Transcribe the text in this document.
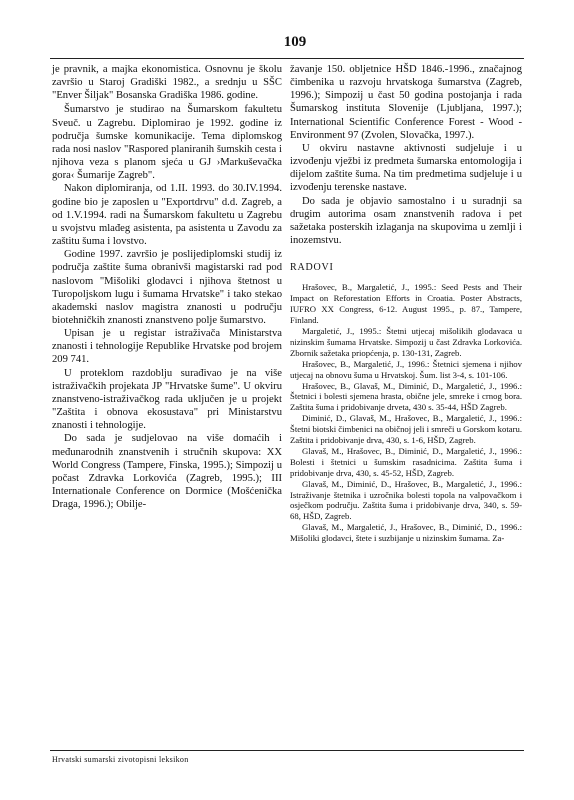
109

je pravnik, a majka ekonomistica. Osnovnu je školu završio u Staroj Gradiški 1982., a srednju u SŠC "Enver Šiljak" Bosanska Gradiška 1986. godine.

Šumarstvo je studirao na Šumarskom fakultetu Sveuč. u Zagrebu. Diplomirao je 1992. godine iz područja šumske komunikacije. Tema diplomskog rada nosi naslov "Raspored planiranih šumskih cesta i njihova veza s planom sjeća u GJ ›Markuševačka gora‹ Šumarije Zagreb".

Nakon diplomiranja, od 1.II. 1993. do 30.IV.1994. godine bio je zaposlen u "Exportdrvu" d.d. Zagreb, a od 1.V.1994. radi na Šumarskom fakultetu u Zagrebu u svojstvu mlađeg asistenta, pa asistenta u Zavodu za zaštitu šuma i lovstvo.

Godine 1997. završio je poslijediplomski studij iz područja zaštite šuma obranivši magistarski rad pod naslovom "Mišoliki glodavci i njihova štetnost u Turopoljskom lugu i šumama Hrvatske" i tako stekao akademski naslov magistra znanosti u području biotehničkih znanosti znanstveno polje šumarstvo.

Upisan je u registar istraživača Ministarstva znanosti i tehnologije Republike Hrvatske pod brojem 209 741.

U proteklom razdoblju surađivao je na više istraživačkih projekata JP "Hrvatske šume". U okviru znanstveno-istraživačkog rada uključen je u projekt "Zaštita i obnova ekosustava" pri Ministarstvu znanosti i tehnologije.

Do sada je sudjelovao na više domaćih i međunarodnih znanstvenih i stručnih skupova: XX World Congress (Tampere, Finska, 1995.); Simpozij u počast Zdravka Lorkovića (Zagreb, 1995.); III Internationale Conference on Dormice (Mošćenička Draga, 1996.); Obilje-

žavanje 150. obljetnice HŠD 1846.-1996., značajnog čimbenika u razvoju hrvatskoga šumarstva (Zagreb, 1996.); Simpozij u čast 50 godina postojanja i rada Šumarskog instituta Slovenije (Ljubljana, 1997.); International Scientific Conference Forest - Wood - Environment 97 (Zvolen, Slovačka, 1997.).

U okviru nastavne aktivnosti sudjeluje i u izvođenju vježbi iz predmeta šumarska entomologija i dijelom zaštite šuma. Na tim predmetima sudjeluje i u izvođenju terenske nastave.

Do sada je objavio samostalno i u suradnji sa drugim autorima osam znanstvenih radova i pet sažetaka posterskih izlaganja na skupovima u zemlji i inozemstvu.

RADOVI

Hrašovec, B., Margaletić, J., 1995.: Seed Pests and Their Impact on Reforestation Efforts in Croatia. Poster Abstracts, IUFRO XX Congress, 6-12. August 1995., p. 87., Tampere, Finland.

Margaletić, J., 1995.: Štetni utjecaj mišolikih glodavaca u nizinskim šumama Hrvatske. Simpozij u čast Zdravka Lorkovića. Zbornik sažetaka priopćenja, p. 130-131, Zagreb.

Hrašovec, B., Margaletić, J., 1996.: Štetnici sjemena i njihov utjecaj na obnovu šuma u Hrvatskoj. Šum. list 3-4, s. 101-106.

Hrašovec, B., Glavaš, M., Diminić, D., Margaletić, J., 1996.: Štetnici i bolesti sjemena hrasta, obične jele, smreke i crnog bora. Zaštita šuma i pridobivanje drveta, 430 s. 35-44, HŠD Zagreb.

Diminić, D., Glavaš, M., Hrašovec, B., Margaletić, J., 1996.: Štetni biotski čimbenici na običnoj jeli i smreči u Gorskom kotaru. Zaštita i pridobivanje drva, 430, s. 1-6, HŠD, Zagreb.

Glavaš, M., Hrašovec, B., Diminić, D., Margaletić, J., 1996.: Bolesti i štetnici u šumskim rasadnicima. Zaštita šuma i pridobivanje drva, 430, s. 45-52, HŠD, Zagreb.

Glavaš, M., Diminić, D., Hrašovec, B., Margaletić, J., 1996.: Istraživanje štetnika i uzročnika bolesti topola na valpovačkom i osječkom području. Zaštita šuma i pridobivanje drva, 340, s. 59-68, HŠD, Zagreb.

Glavaš, M., Margaletić, J., Hrašovec, B., Diminić, D., 1996.: Mišoliki glodavci, štete i suzbijanje u nizinskim šumama. Za-

Hrvatski sumarski zivotopisni leksikon
